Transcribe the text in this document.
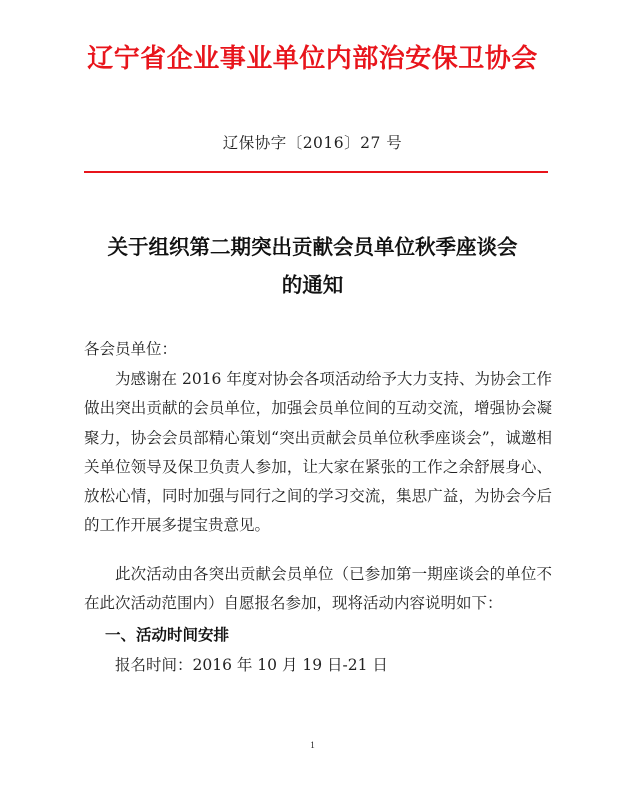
辽宁省企业事业单位内部治安保卫协会
辽保协字〔2016〕27 号
关于组织第二期突出贡献会员单位秋季座谈会
的通知

各会员单位：

为感谢在 2016 年度对协会各项活动给予大力支持、为协会工作做出突出贡献的会员单位，加强会员单位间的互动交流，增强协会凝聚力，协会会员部精心策划“突出贡献会员单位秋季座谈会”，诚邀相关单位领导及保卫负责人参加，让大家在紧张的工作之余舒展身心、放松心情，同时加强与同行之间的学习交流，集思广益，为协会今后的工作开展多提宝贵意见。

此次活动由各突出贡献会员单位（已参加第一期座谈会的单位不在此次活动范围内）自愿报名参加，现将活动内容说明如下：

一、活动时间安排

报名时间：2016 年 10 月 19 日-21 日

1
